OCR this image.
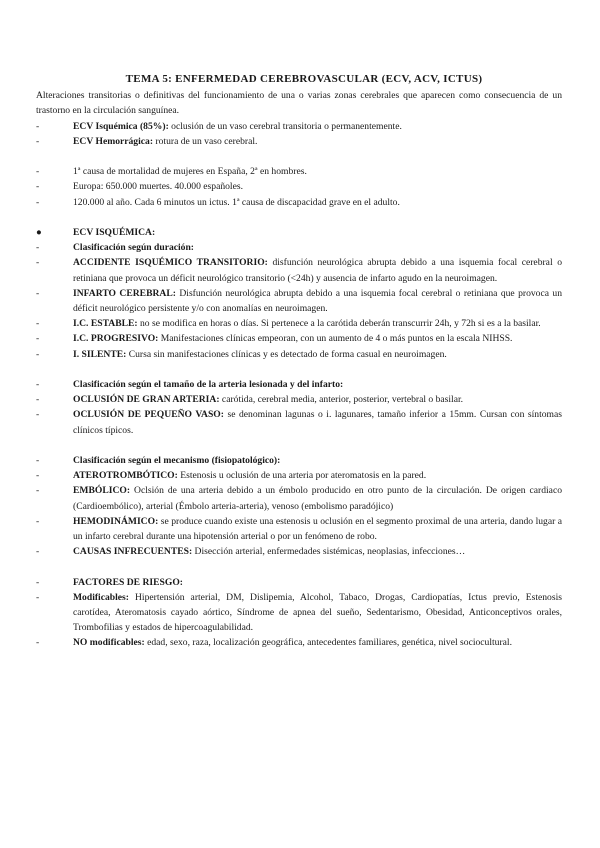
TEMA 5: ENFERMEDAD CEREBROVASCULAR (ECV, ACV, ICTUS)

Alteraciones transitorias o definitivas del funcionamiento de una o varias zonas cerebrales que aparecen como consecuencia de un trastorno en la circulación sanguínea.

-	ECV Isquémica (85%): oclusión de un vaso cerebral transitoria o permanentemente.
-	ECV Hemorrágica: rotura de un vaso cerebral.
-	1ª causa de mortalidad de mujeres en España, 2ª en hombres.
-	Europa: 650.000 muertes. 40.000 españoles.
-	120.000 al año. Cada 6 minutos un ictus. 1ª causa de discapacidad grave en el adulto.
●	ECV ISQUÉMICA:
-	Clasificación según duración:
-	ACCIDENTE ISQUÉMICO TRANSITORIO: disfunción neurológica abrupta debido a una isquemia focal cerebral o retiniana que provoca un déficit neurológico transitorio (<24h) y ausencia de infarto agudo en la neuroimagen.
-	INFARTO CEREBRAL: Disfunción neurológica abrupta debido a una isquemia focal cerebral o retiniana que provoca un déficit neurológico persistente y/o con anomalías en neuroimagen.
-	I.C. ESTABLE: no se modifica en horas o días. Si pertenece a la carótida deberán transcurrir 24h, y 72h si es a la basilar.
-	I.C. PROGRESIVO: Manifestaciones clínicas empeoran, con un aumento de 4 o más puntos en la escala NIHSS.
-	I. SILENTE: Cursa sin manifestaciones clínicas y es detectado de forma casual en neuroimagen.
-	Clasificación según el tamaño de la arteria lesionada y del infarto:
-	OCLUSIÓN DE GRAN ARTERIA: carótida, cerebral media, anterior, posterior, vertebral o basilar.
-	OCLUSIÓN DE PEQUEÑO VASO: se denominan lagunas o i. lagunares, tamaño inferior a 15mm. Cursan con síntomas clínicos típicos.
-	Clasificación según el mecanismo (fisiopatológico):
-	ATEROTROMBÓTICO: Estenosis u oclusión de una arteria por ateromatosis en la pared.
-	EMBÓLICO: Oclsión de una arteria debido a un émbolo producido en otro punto de la circulación. De origen cardiaco (Cardioembólico), arterial (Émbolo arteria-arteria), venoso (embolismo paradójico)
-	HEMODINÁMICO: se produce cuando existe una estenosis u oclusión en el segmento proximal de una arteria, dando lugar a un infarto cerebral durante una hipotensión arterial o por un fenómeno de robo.
-	CAUSAS INFRECUENTES: Disección arterial, enfermedades sistémicas, neoplasias, infecciones…
-	FACTORES DE RIESGO:
-	Modificables: Hipertensión arterial, DM, Dislipemia, Alcohol, Tabaco, Drogas, Cardiopatías, Ictus previo, Estenosis carotídea, Ateromatosis cayado aórtico, Síndrome de apnea del sueño, Sedentarismo, Obesidad, Anticonceptivos orales, Trombofilias y estados de hipercoagulabilidad.
-	NO modificables: edad, sexo, raza, localización geográfica, antecedentes familiares, genética, nivel sociocultural.
